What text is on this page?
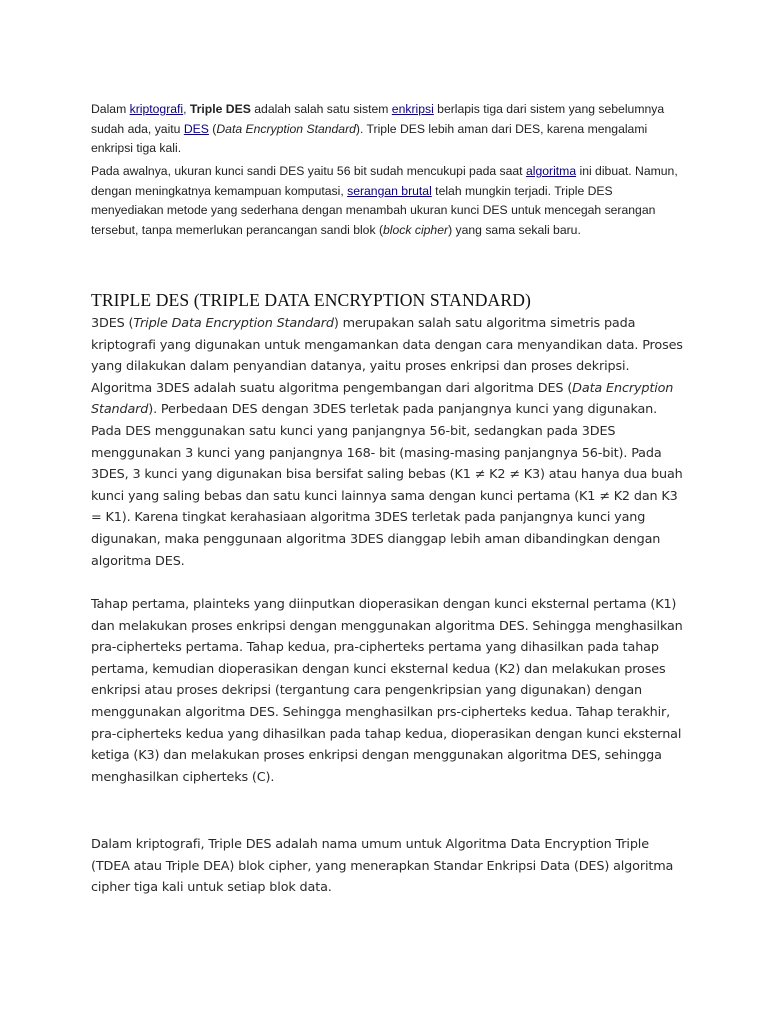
Dalam kriptografi, Triple DES adalah salah satu sistem enkripsi berlapis tiga dari sistem yang sebelumnya sudah ada, yaitu DES (Data Encryption Standard). Triple DES lebih aman dari DES, karena mengalami enkripsi tiga kali.

Pada awalnya, ukuran kunci sandi DES yaitu 56 bit sudah mencukupi pada saat algoritma ini dibuat. Namun, dengan meningkatnya kemampuan komputasi, serangan brutal telah mungkin terjadi. Triple DES menyediakan metode yang sederhana dengan menambah ukuran kunci DES untuk mencegah serangan tersebut, tanpa memerlukan perancangan sandi blok (block cipher) yang sama sekali baru.

TRIPLE DES (TRIPLE DATA ENCRYPTION STANDARD)

3DES (Triple Data Encryption Standard) merupakan salah satu algoritma simetris pada kriptografi yang digunakan untuk mengamankan data dengan cara menyandikan data. Proses yang dilakukan dalam penyandian datanya, yaitu proses enkripsi dan proses dekripsi. Algoritma 3DES adalah suatu algoritma pengembangan dari algoritma DES (Data Encryption Standard). Perbedaan DES dengan 3DES terletak pada panjangnya kunci yang digunakan. Pada DES menggunakan satu kunci yang panjangnya 56-bit, sedangkan pada 3DES menggunakan 3 kunci yang panjangnya 168- bit (masing-masing panjangnya 56-bit). Pada 3DES, 3 kunci yang digunakan bisa bersifat saling bebas (K1 ≠ K2 ≠ K3) atau hanya dua buah kunci yang saling bebas dan satu kunci lainnya sama dengan kunci pertama (K1 ≠ K2 dan K3 = K1). Karena tingkat kerahasiaan algoritma 3DES terletak pada panjangnya kunci yang digunakan, maka penggunaan algoritma 3DES dianggap lebih aman dibandingkan dengan algoritma DES.

Tahap pertama, plainteks yang diinputkan dioperasikan dengan kunci eksternal pertama (K1) dan melakukan proses enkripsi dengan menggunakan algoritma DES. Sehingga menghasilkan pra-cipherteks pertama. Tahap kedua, pra-cipherteks pertama yang dihasilkan pada tahap pertama, kemudian dioperasikan dengan kunci eksternal kedua (K2) dan melakukan proses enkripsi atau proses dekripsi (tergantung cara pengenkripsian yang digunakan) dengan menggunakan algoritma DES. Sehingga menghasilkan prs-cipherteks kedua. Tahap terakhir, pra-cipherteks kedua yang dihasilkan pada tahap kedua, dioperasikan dengan kunci eksternal ketiga (K3) dan melakukan proses enkripsi dengan menggunakan algoritma DES, sehingga menghasilkan cipherteks (C).

Dalam kriptografi, Triple DES adalah nama umum untuk Algoritma Data Encryption Triple (TDEA atau Triple DEA) blok cipher, yang menerapkan Standar Enkripsi Data (DES) algoritma cipher tiga kali untuk setiap blok data.
